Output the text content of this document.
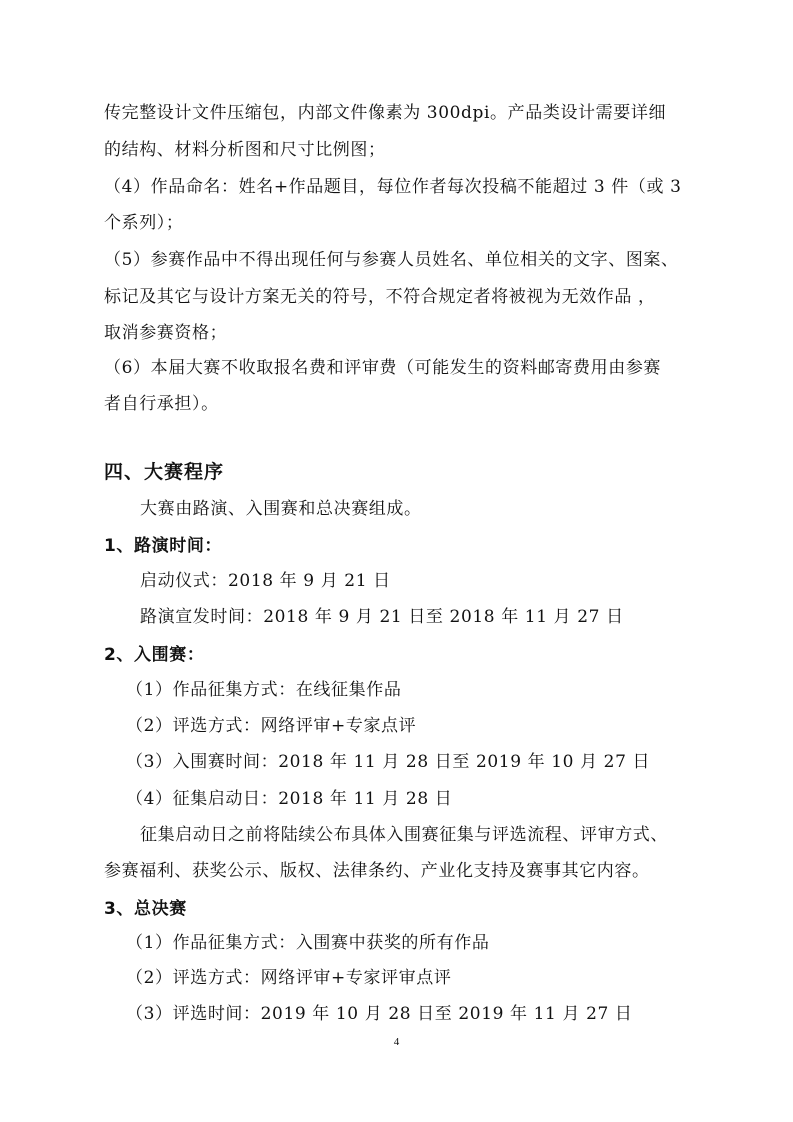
传完整设计文件压缩包，内部文件像素为 300dpi。产品类设计需要详细
的结构、材料分析图和尺寸比例图；
（4）作品命名：姓名+作品题目，每位作者每次投稿不能超过 3 件（或 3
个系列）；
（5）参赛作品中不得出现任何与参赛人员姓名、单位相关的文字、图案、
标记及其它与设计方案无关的符号，不符合规定者将被视为无效作品 ，
取消参赛资格；
（6）本届大赛不收取报名费和评审费（可能发生的资料邮寄费用由参赛
者自行承担）。
四、大赛程序
大赛由路演、入围赛和总决赛组成。
1、路演时间：
启动仪式：2018 年 9 月 21 日
路演宣发时间：2018 年 9 月 21 日至 2018 年 11 月 27 日
2、入围赛：
（1）作品征集方式：在线征集作品
（2）评选方式：网络评审+专家点评
（3）入围赛时间：2018 年 11 月 28 日至 2019 年 10 月 27 日
（4）征集启动日：2018 年 11 月 28 日
征集启动日之前将陆续公布具体入围赛征集与评选流程、评审方式、
参赛福利、获奖公示、版权、法律条约、产业化支持及赛事其它内容。
3、总决赛
（1）作品征集方式：入围赛中获奖的所有作品
（2）评选方式：网络评审+专家评审点评
（3）评选时间：2019 年 10 月 28 日至 2019 年 11 月 27 日
4
